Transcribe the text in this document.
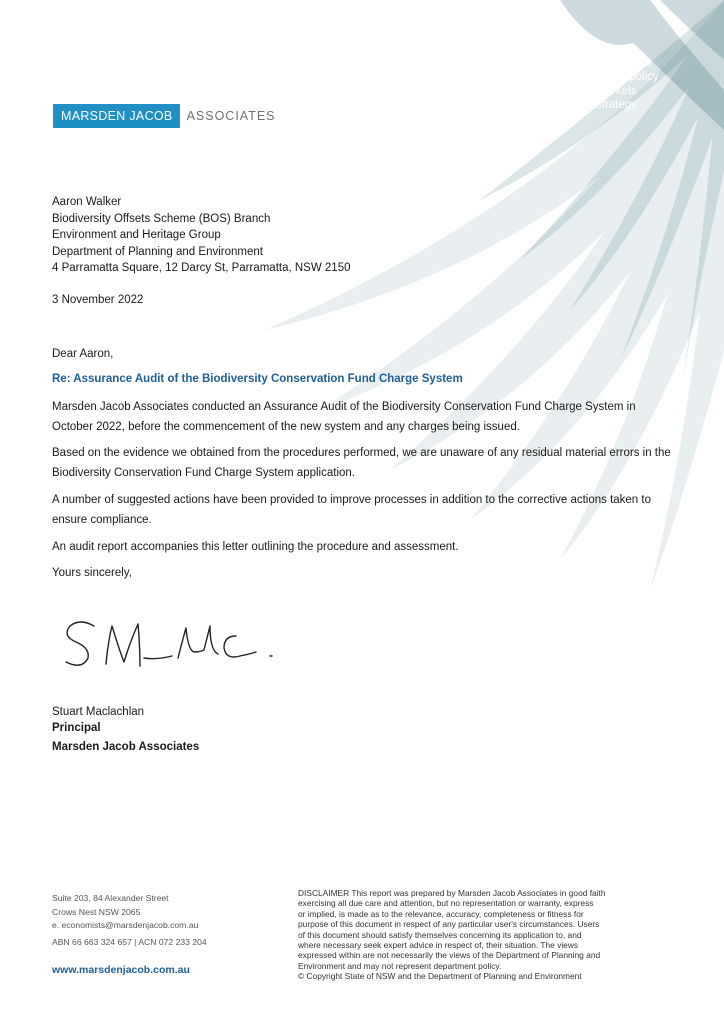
economics
public policy
markets
strategy
MARSDEN JACOB	ASSOCIATES
Aaron Walker
Biodiversity Offsets Scheme (BOS) Branch
Environment and Heritage Group
Department of Planning and Environment
4 Parramatta Square, 12 Darcy St, Parramatta, NSW 2150
3 November 2022
Dear Aaron,
Re: Assurance Audit of the Biodiversity Conservation Fund Charge System
Marsden Jacob Associates conducted an Assurance Audit of the Biodiversity Conservation Fund Charge System in October 2022, before the commencement of the new system and any charges being issued.
Based on the evidence we obtained from the procedures performed, we are unaware of any residual material errors in the Biodiversity Conservation Fund Charge System application.
A number of suggested actions have been provided to improve processes in addition to the corrective actions taken to ensure compliance.
An audit report accompanies this letter outlining the procedure and assessment.
Yours sincerely,
Stuart Maclachlan
Principal
Marsden Jacob Associates
Suite 203, 84 Alexander Street
Crows Nest NSW 2065
e. economists@marsdenjacob.com.au
ABN 66 663 324 657 | ACN 072 233 204
www.marsdenjacob.com.au
DISCLAIMER This report was prepared by Marsden Jacob Associates in good faith
exercising all due care and attention, but no representation or warranty, express
or implied, is made as to the relevance, accuracy, completeness or fitness for
purpose of this document in respect of any particular user's circumstances. Users
of this document should satisfy themselves concerning its application to, and
where necessary seek expert advice in respect of, their situation. The views
expressed within are not necessarily the views of the Department of Planning and
Environment and may not represent department policy.
© Copyright State of NSW and the Department of Planning and Environment
